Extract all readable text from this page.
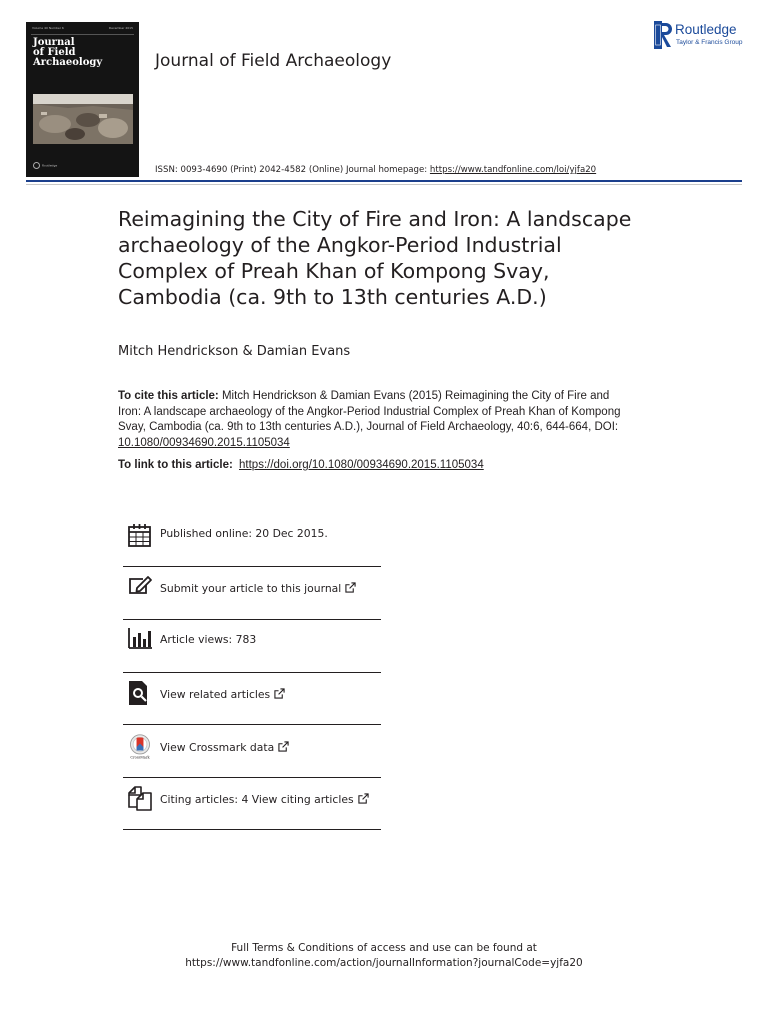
Volume 40 Number 6	December 2015
Journal
of Field
Archaeology
Routledge
Journal of Field Archaeology
Routledge
Taylor & Francis Group
ISSN: 0093-4690 (Print) 2042-4582 (Online) Journal homepage: https://www.tandfonline.com/loi/yjfa20
Reimagining the City of Fire and Iron: A landscape
archaeology of the Angkor-Period Industrial
Complex of Preah Khan of Kompong Svay,
Cambodia (ca. 9th to 13th centuries A.D.)
Mitch Hendrickson & Damian Evans
To cite this article: Mitch Hendrickson & Damian Evans (2015) Reimagining the City of Fire and
Iron: A landscape archaeology of the Angkor-Period Industrial Complex of Preah Khan of Kompong
Svay, Cambodia (ca. 9th to 13th centuries A.D.), Journal of Field Archaeology, 40:6, 644-664, DOI:
10.1080/00934690.2015.1105034
To link to this article: https://doi.org/10.1080/00934690.2015.1105034
Published online: 20 Dec 2015.
Submit your article to this journal
Article views: 783
View related articles
CrossMark
View Crossmark data
Citing articles: 4 View citing articles
Full Terms & Conditions of access and use can be found at
https://www.tandfonline.com/action/journalInformation?journalCode=yjfa20
